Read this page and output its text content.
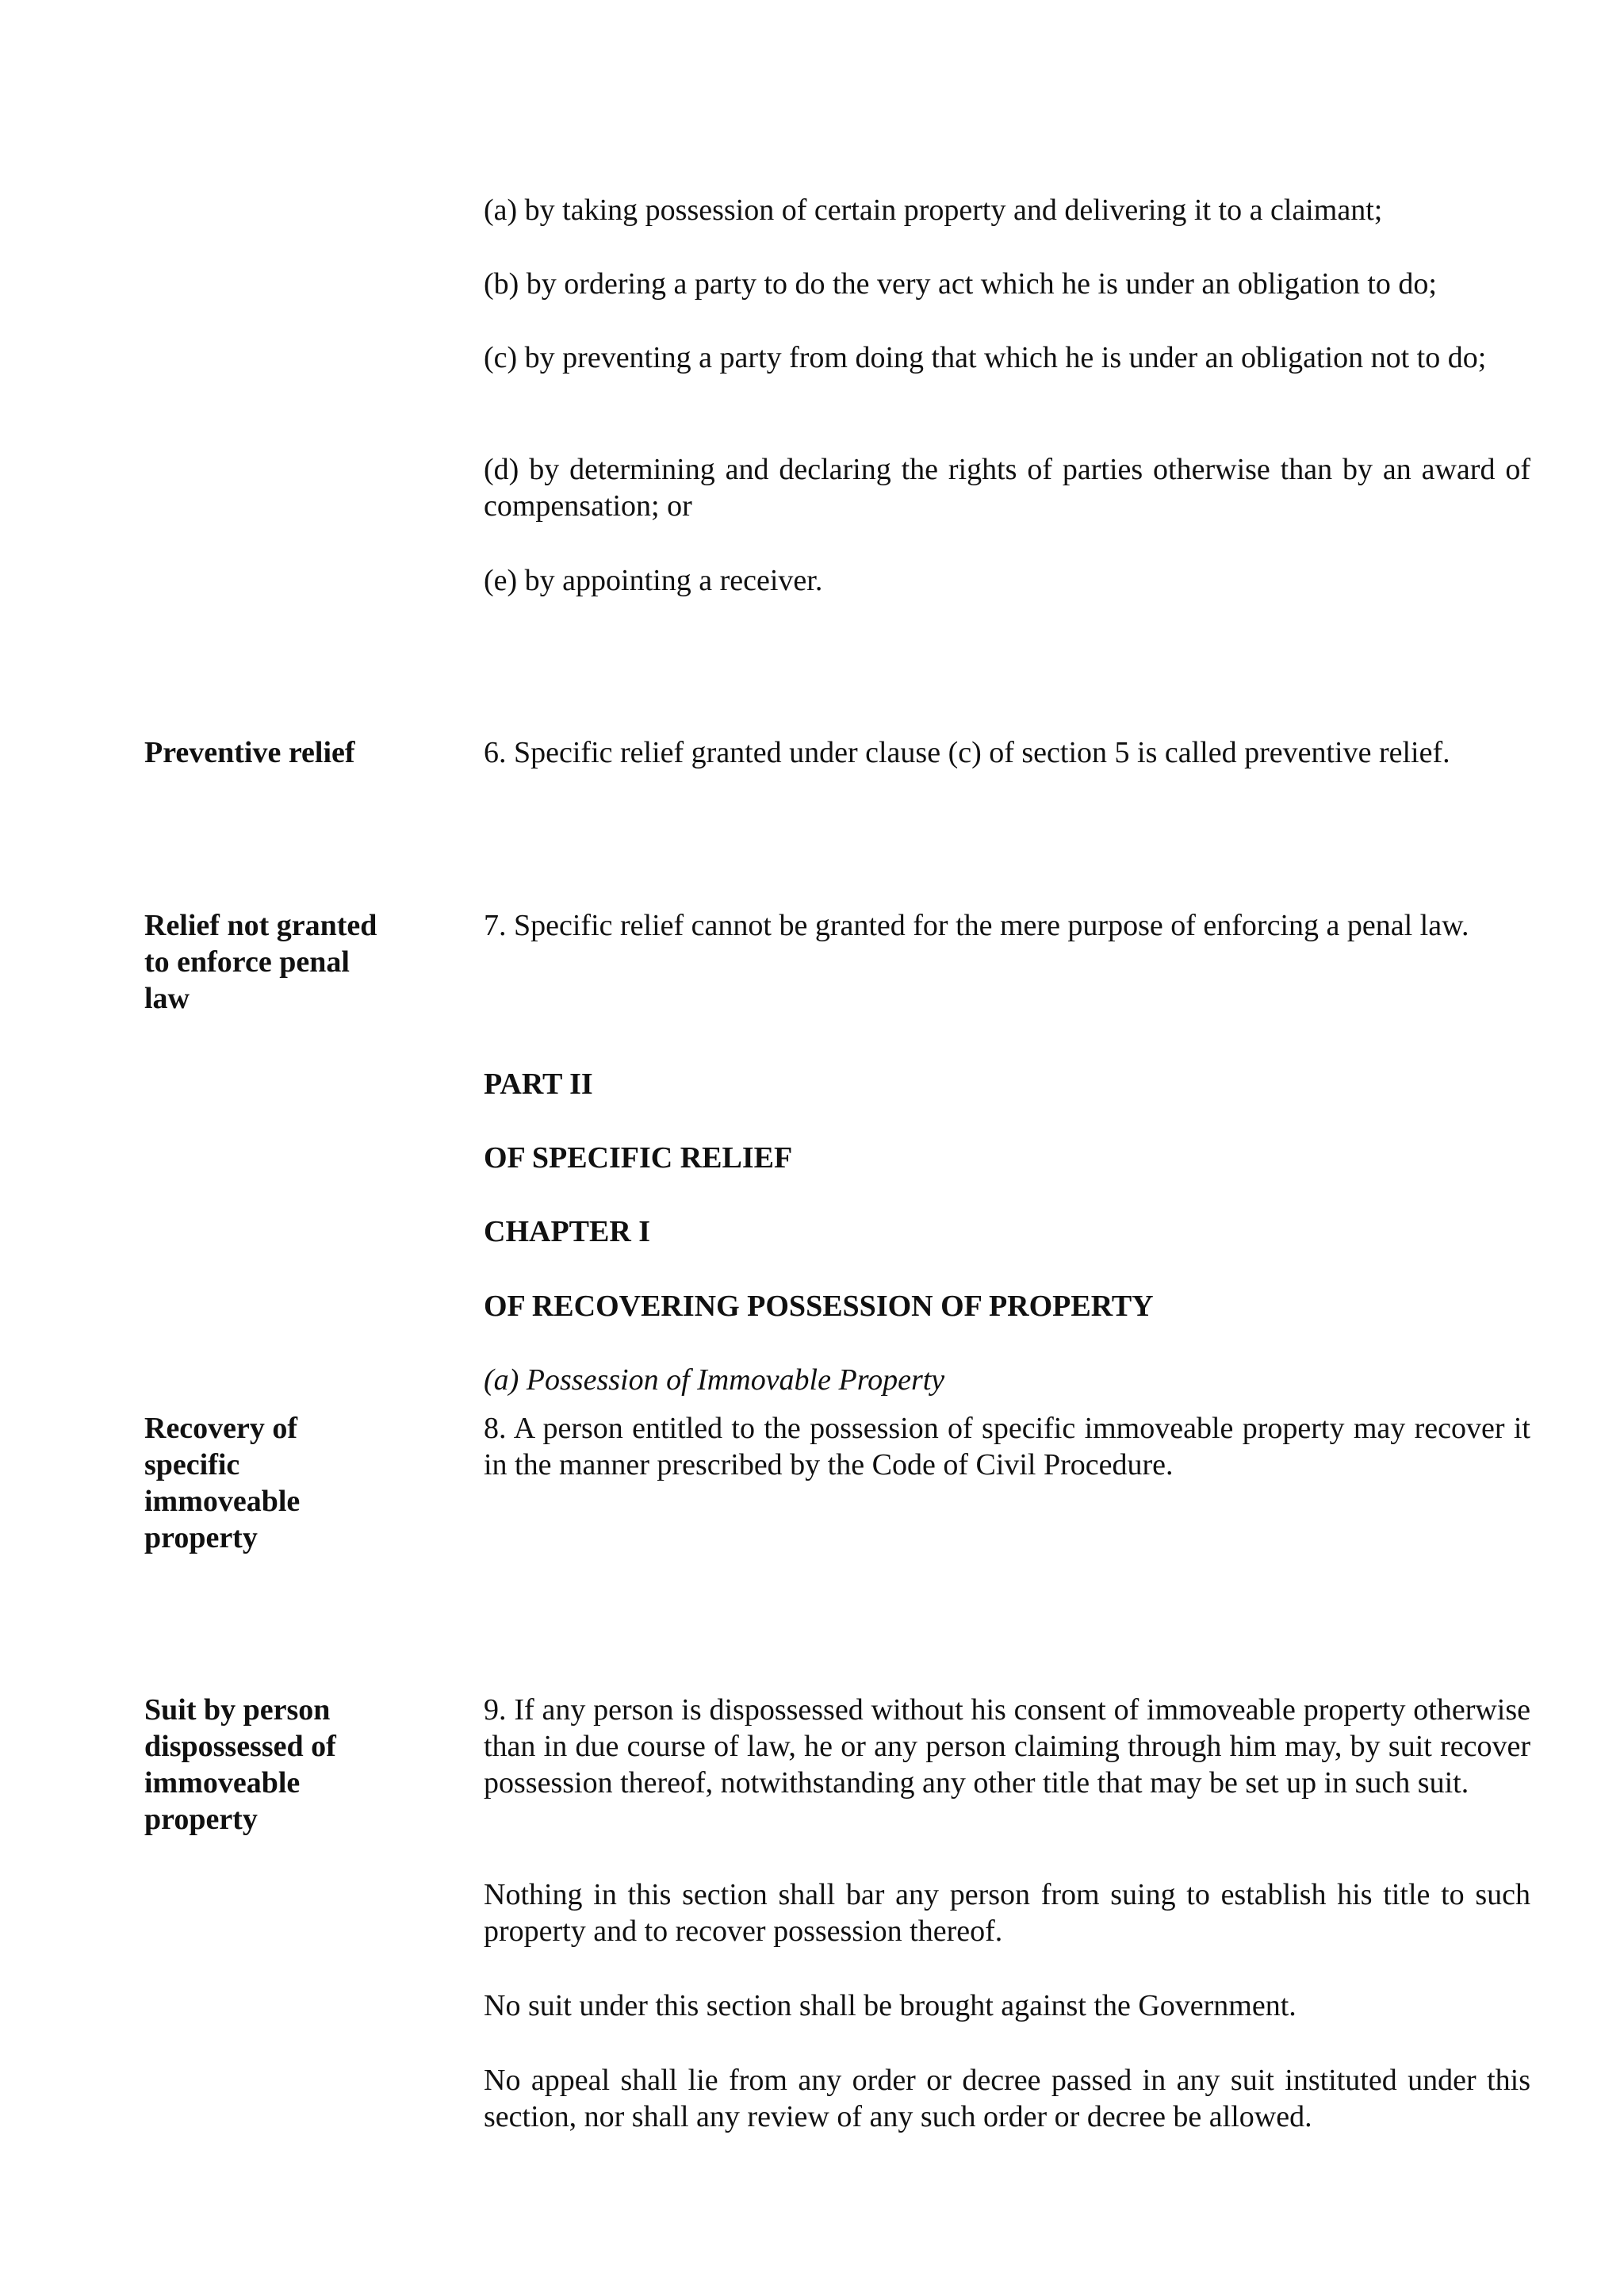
(a) by taking possession of certain property and delivering it to a claimant;

(b) by ordering a party to do the very act which he is under an obligation to do;

(c) by preventing a party from doing that which he is under an obligation not to do;

(d) by determining and declaring the rights of parties otherwise than by an award of compensation; or

(e) by appointing a receiver.

Preventive relief	6. Specific relief granted under clause (c) of section 5 is called preventive relief.

Relief not granted to enforce penal law

7. Specific relief cannot be granted for the mere purpose of enforcing a penal law.

PART II

OF SPECIFIC RELIEF

CHAPTER I

OF RECOVERING POSSESSION OF PROPERTY

(a) Possession of Immovable Property

Recovery of specific immoveable property

8. A person entitled to the possession of specific immoveable property may recover it in the manner prescribed by the Code of Civil Procedure.

Suit by person dispossessed of immoveable property

9. If any person is dispossessed without his consent of immoveable property otherwise than in due course of law, he or any person claiming through him may, by suit recover possession thereof, notwithstanding any other title that may be set up in such suit.

Nothing in this section shall bar any person from suing to establish his title to such property and to recover possession thereof.

No suit under this section shall be brought against the Government.

No appeal shall lie from any order or decree passed in any suit instituted under this section, nor shall any review of any such order or decree be allowed.
